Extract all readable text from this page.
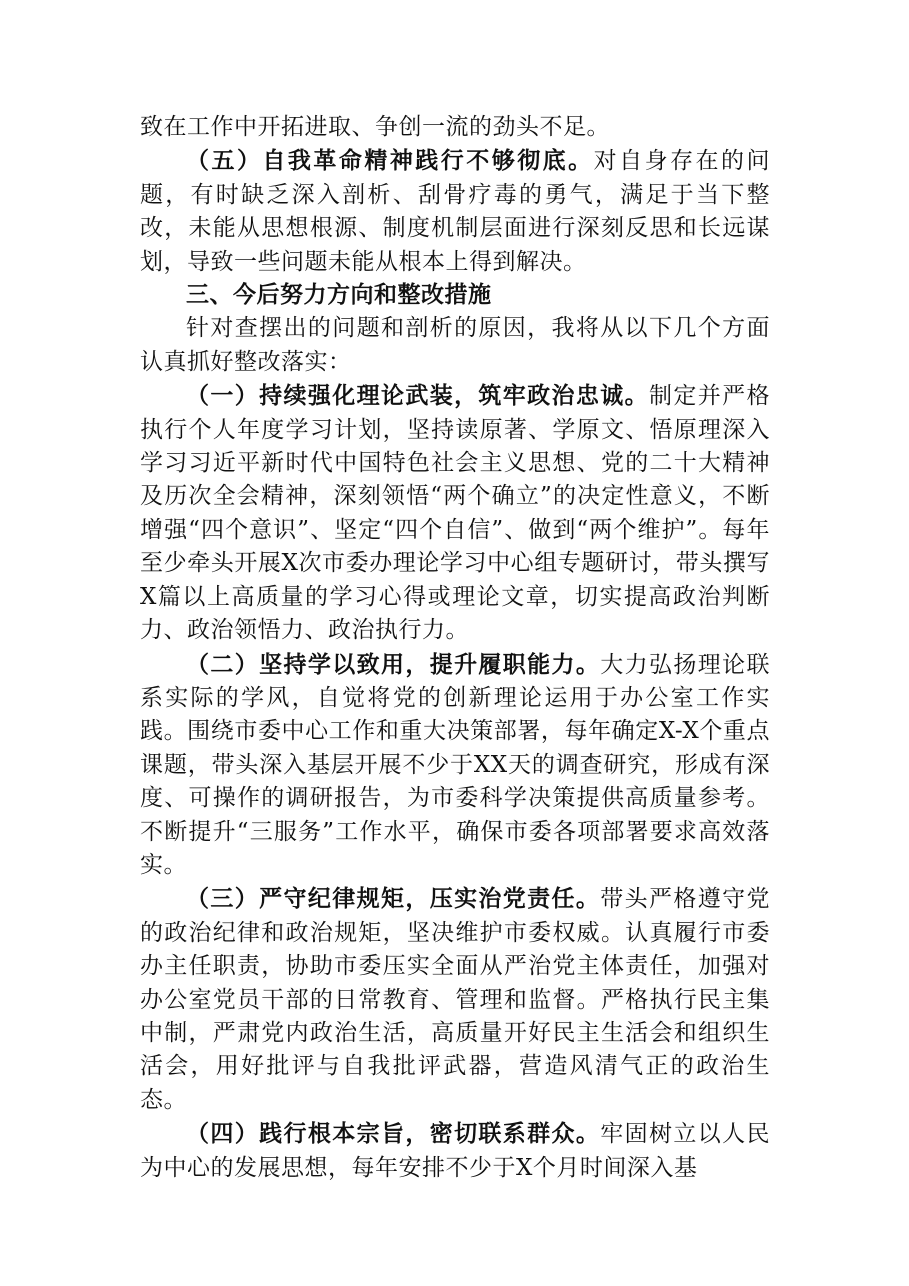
致在工作中开拓进取、争创一流的劲头不足。

（五）自我革命精神践行不够彻底。对自身存在的问题，有时缺乏深入剖析、刮骨疗毒的勇气，满足于当下整改，未能从思想根源、制度机制层面进行深刻反思和长远谋划，导致一些问题未能从根本上得到解决。

三、今后努力方向和整改措施

针对查摆出的问题和剖析的原因，我将从以下几个方面认真抓好整改落实：

（一）持续强化理论武装，筑牢政治忠诚。制定并严格执行个人年度学习计划，坚持读原著、学原文、悟原理深入学习习近平新时代中国特色社会主义思想、党的二十大精神及历次全会精神，深刻领悟“两个确立”的决定性意义，不断增强“四个意识”、坚定“四个自信”、做到“两个维护”。每年至少牵头开展X次市委办理论学习中心组专题研讨，带头撰写X篇以上高质量的学习心得或理论文章，切实提高政治判断力、政治领悟力、政治执行力。

（二）坚持学以致用，提升履职能力。大力弘扬理论联系实际的学风，自觉将党的创新理论运用于办公室工作实践。围绕市委中心工作和重大决策部署，每年确定X-X个重点课题，带头深入基层开展不少于XX天的调查研究，形成有深度、可操作的调研报告，为市委科学决策提供高质量参考。不断提升“三服务”工作水平，确保市委各项部署要求高效落实。

（三）严守纪律规矩，压实治党责任。带头严格遵守党的政治纪律和政治规矩，坚决维护市委权威。认真履行市委办主任职责，协助市委压实全面从严治党主体责任，加强对办公室党员干部的日常教育、管理和监督。严格执行民主集中制，严肃党内政治生活，高质量开好民主生活会和组织生活会，用好批评与自我批评武器，营造风清气正的政治生态。

（四）践行根本宗旨，密切联系群众。牢固树立以人民为中心的发展思想，每年安排不少于X个月时间深入基
